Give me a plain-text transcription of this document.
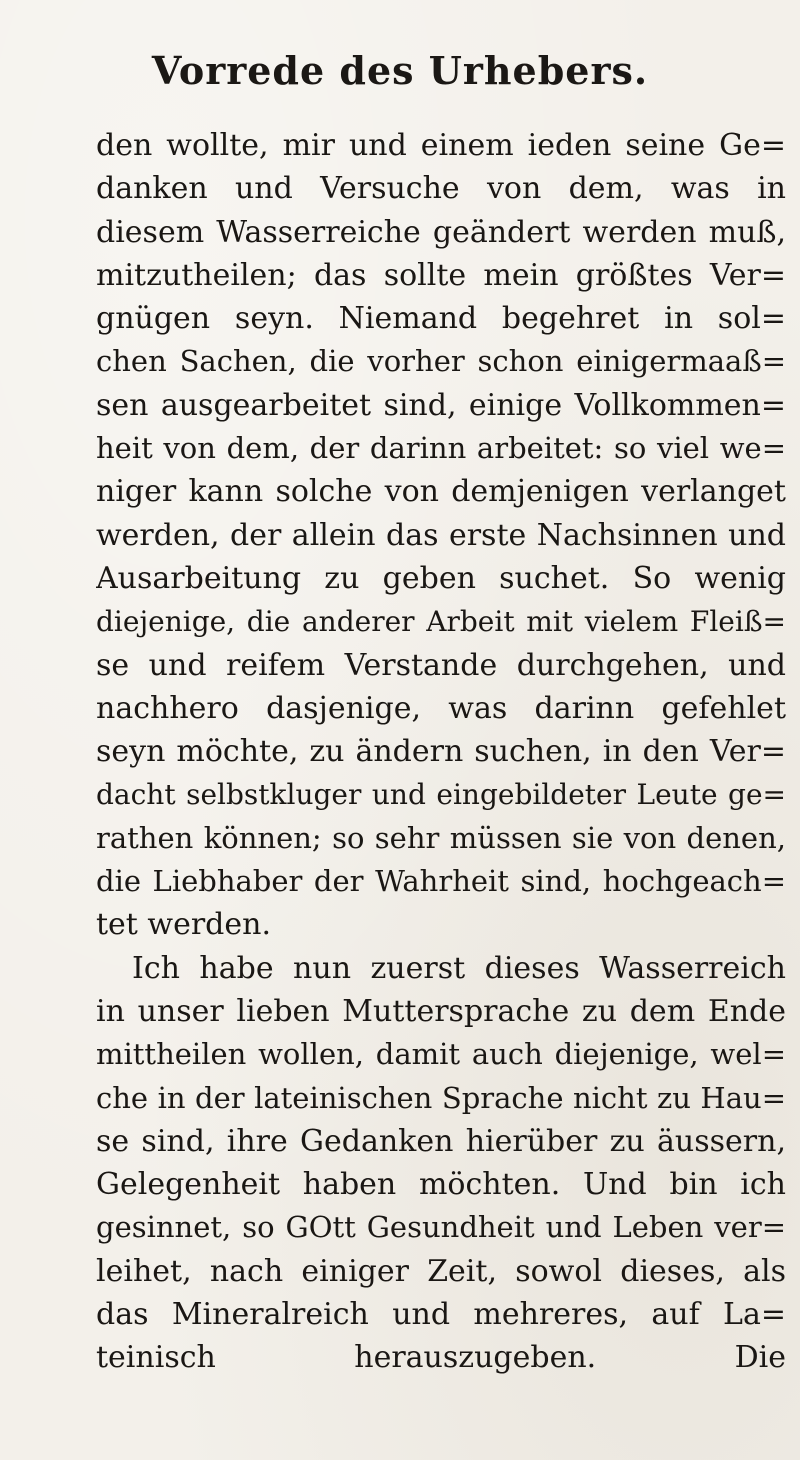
Vorrede des Urhebers.
den wollte, mir und einem ieden seine Ge=
danken und Versuche von dem, was in
diesem Wasserreiche geändert werden muß,
mitzutheilen; das sollte mein größtes Ver=
gnügen seyn. Niemand begehret in sol=
chen Sachen, die vorher schon einigermaaß=
sen ausgearbeitet sind, einige Vollkommen=
heit von dem, der darinn arbeitet: so viel we=
niger kann solche von demjenigen verlanget
werden, der allein das erste Nachsinnen und
Ausarbeitung zu geben suchet. So wenig
diejenige, die anderer Arbeit mit vielem Fleiß=
se und reifem Verstande durchgehen, und
nachhero dasjenige, was darinn gefehlet
seyn möchte, zu ändern suchen, in den Ver=
dacht selbstkluger und eingebildeter Leute ge=
rathen können; so sehr müssen sie von denen,
die Liebhaber der Wahrheit sind, hochgeach=
tet werden.
Ich habe nun zuerst dieses Wasserreich
in unser lieben Muttersprache zu dem Ende
mittheilen wollen, damit auch diejenige, wel=
che in der lateinischen Sprache nicht zu Hau=
se sind, ihre Gedanken hierüber zu äussern,
Gelegenheit haben möchten. Und bin ich
gesinnet, so GOtt Gesundheit und Leben ver=
leihet, nach einiger Zeit, sowol dieses, als
das Mineralreich und mehreres, auf La=
teinisch herauszugeben. Die
